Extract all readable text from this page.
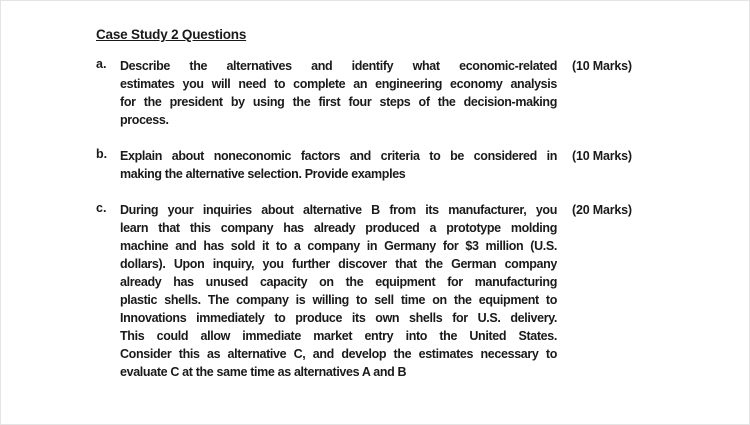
Case Study 2 Questions
a. Describe the alternatives and identify what economic-related
estimates you will need to complete an engineering economy analysis
for the president by using the first four steps of the decision-making
process.
(10 Marks)
b. Explain about noneconomic factors and criteria to be considered in
making the alternative selection. Provide examples
(10 Marks)
c. During your inquiries about alternative B from its manufacturer, you
learn that this company has already produced a prototype molding
machine and has sold it to a company in Germany for $3 million (U.S.
dollars). Upon inquiry, you further discover that the German company
already has unused capacity on the equipment for manufacturing
plastic shells. The company is willing to sell time on the equipment to
Innovations immediately to produce its own shells for U.S. delivery.
This could allow immediate market entry into the United States.
Consider this as alternative C, and develop the estimates necessary to
evaluate C at the same time as alternatives A and B
(20 Marks)
